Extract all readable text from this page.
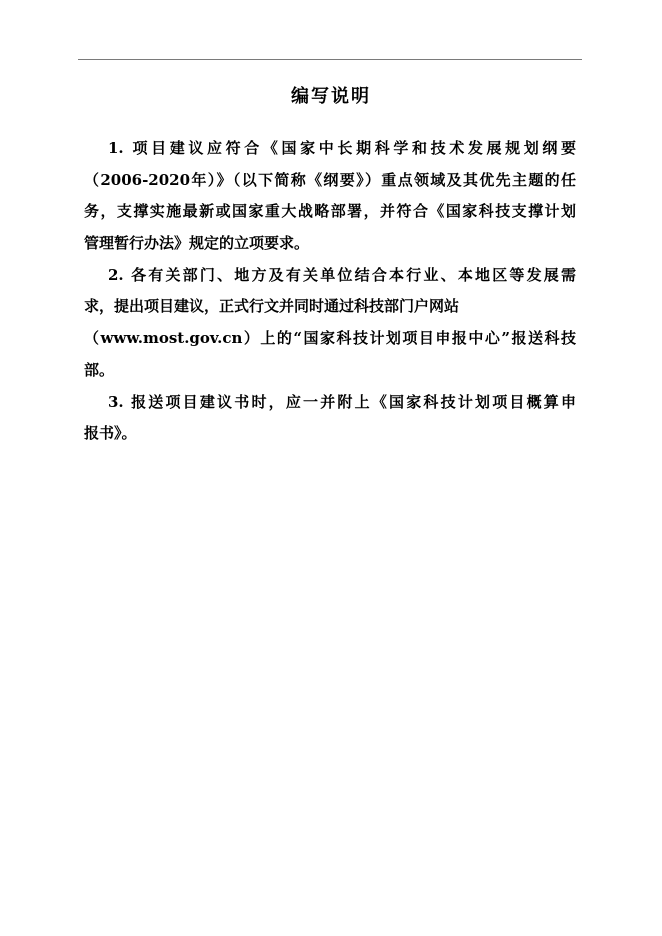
编写说明
1. 项目建议应符合《国家中长期科学和技术发展规划纲要
（2006-2020年）》（以下简称《纲要》）重点领域及其优先主题的任
务，支撑实施最新或国家重大战略部署，并符合《国家科技支撑计划
管理暂行办法》规定的立项要求。
2. 各有关部门、地方及有关单位结合本行业、本地区等发展需
求，提出项目建议，正式行文并同时通过科技部门户网站
（www.most.gov.cn）上的“国家科技计划项目申报中心”报送科技
部。
3. 报送项目建议书时，应一并附上《国家科技计划项目概算申
报书》。
